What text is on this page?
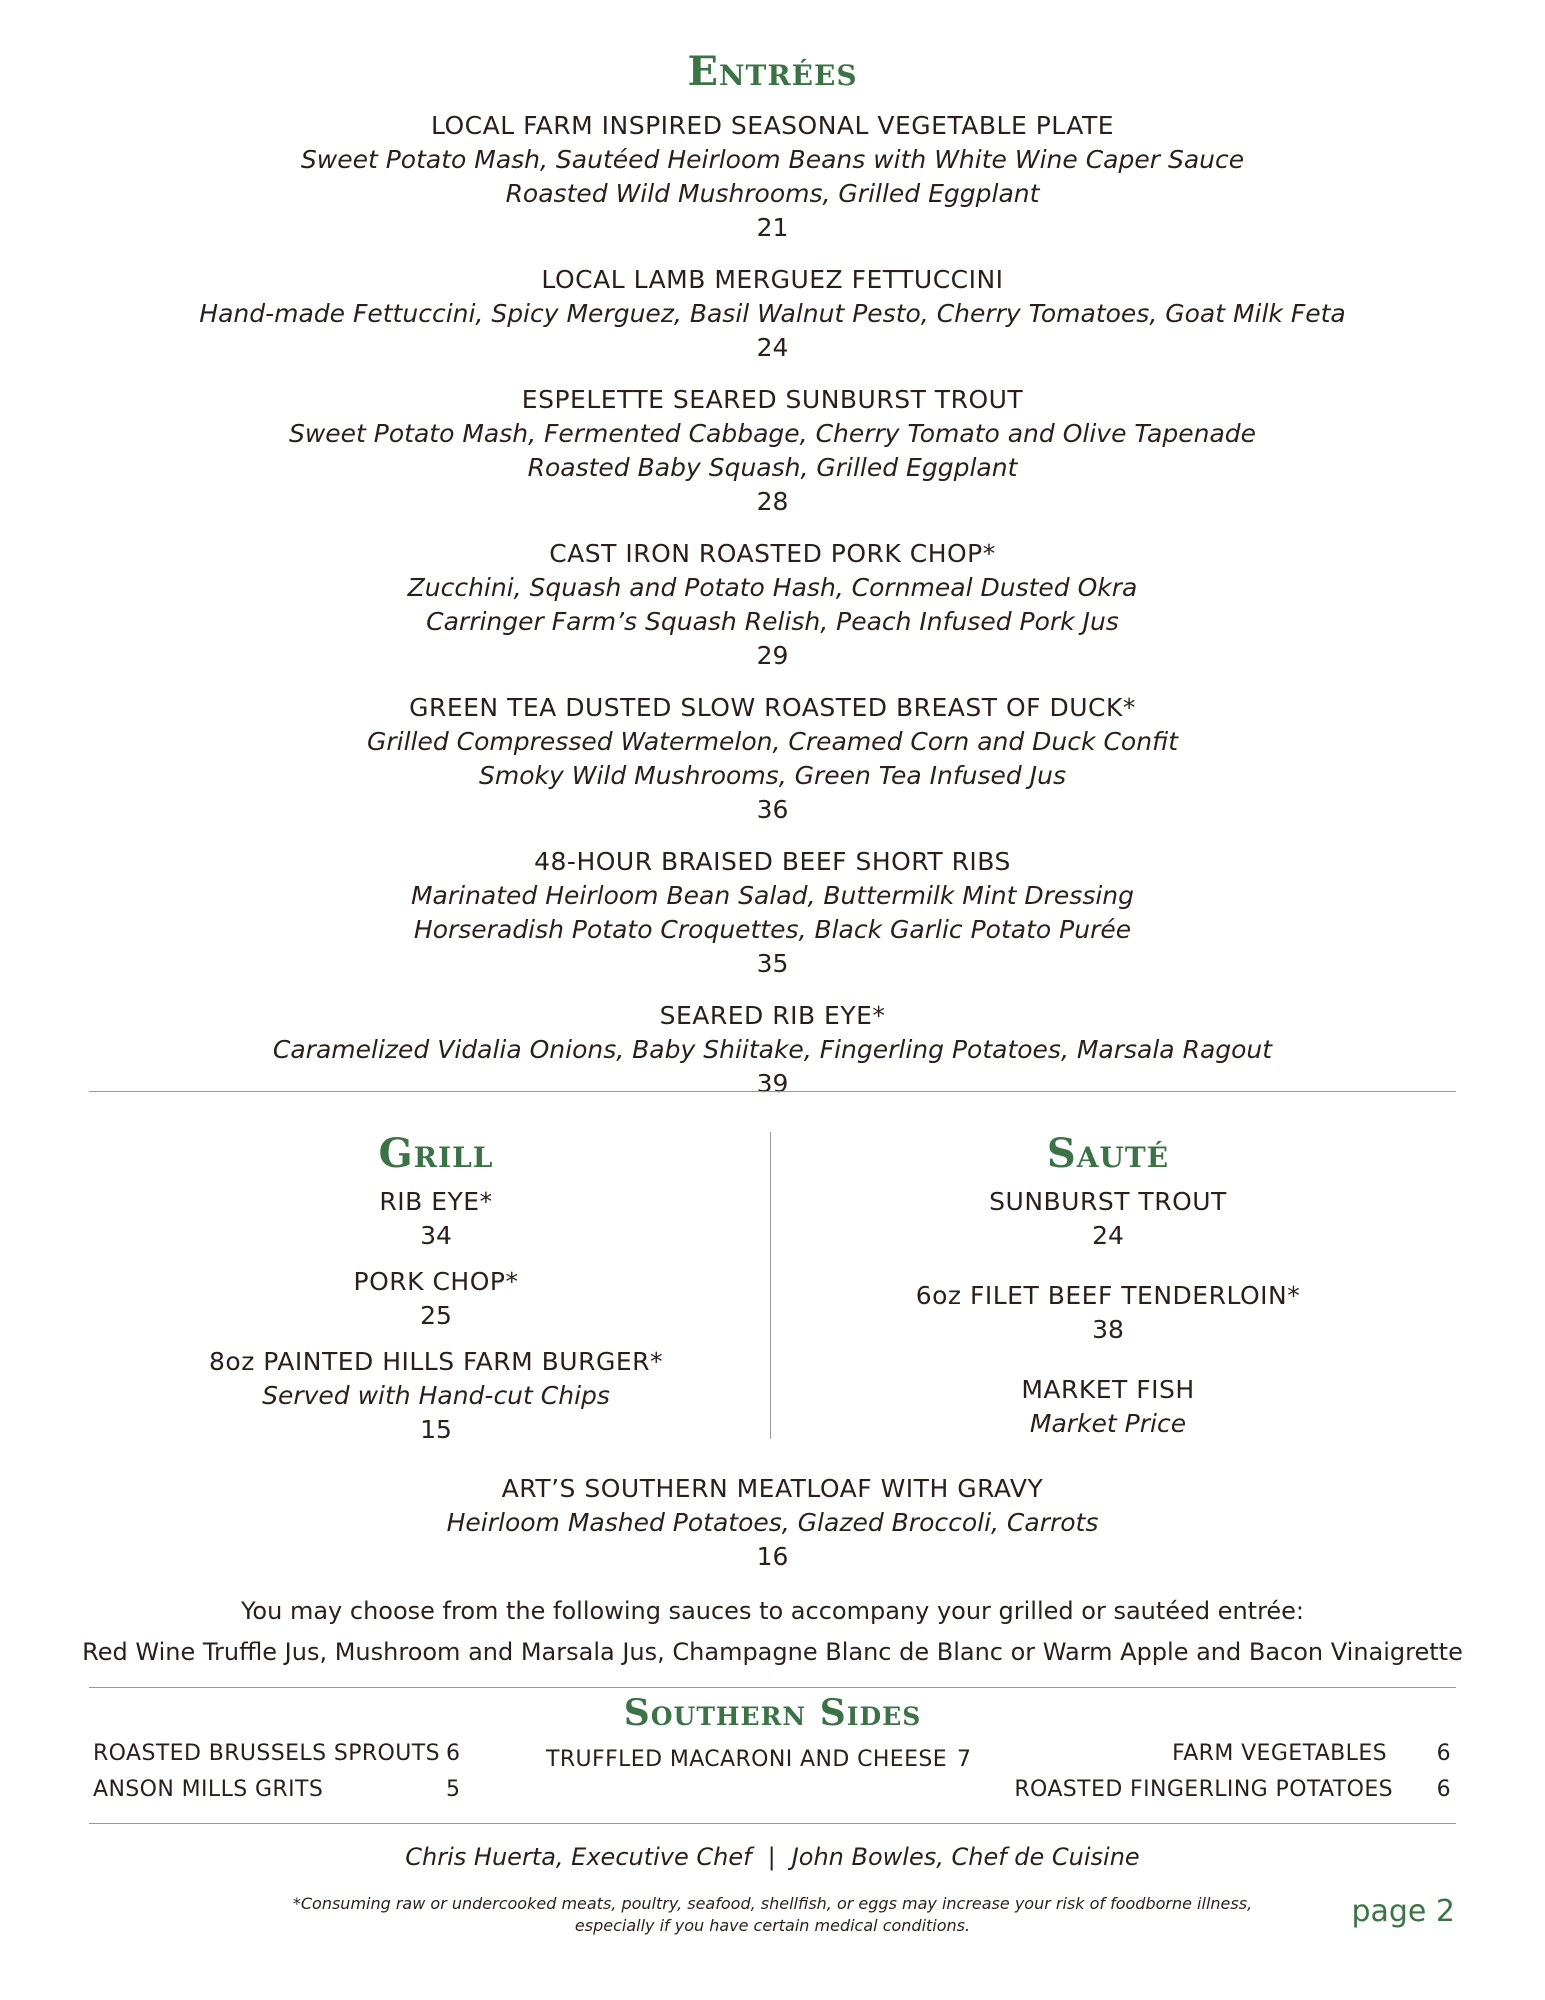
Entrées
LOCAL FARM INSPIRED SEASONAL VEGETABLE PLATE
Sweet Potato Mash, Sautéed Heirloom Beans with White Wine Caper Sauce
Roasted Wild Mushrooms, Grilled Eggplant
21
LOCAL LAMB MERGUEZ FETTUCCINI
Hand-made Fettuccini, Spicy Merguez, Basil Walnut Pesto, Cherry Tomatoes, Goat Milk Feta
24
ESPELETTE SEARED SUNBURST TROUT
Sweet Potato Mash, Fermented Cabbage, Cherry Tomato and Olive Tapenade
Roasted Baby Squash, Grilled Eggplant
28
CAST IRON ROASTED PORK CHOP*
Zucchini, Squash and Potato Hash, Cornmeal Dusted Okra
Carringer Farm’s Squash Relish, Peach Infused Pork Jus
29
GREEN TEA DUSTED SLOW ROASTED BREAST OF DUCK*
Grilled Compressed Watermelon, Creamed Corn and Duck Confit
Smoky Wild Mushrooms, Green Tea Infused Jus
36
48-HOUR BRAISED BEEF SHORT RIBS
Marinated Heirloom Bean Salad, Buttermilk Mint Dressing
Horseradish Potato Croquettes, Black Garlic Potato Purée
35
SEARED RIB EYE*
Caramelized Vidalia Onions, Baby Shiitake, Fingerling Potatoes, Marsala Ragout
39
Grill
RIB EYE*
34
PORK CHOP*
25
8oz PAINTED HILLS FARM BURGER*
Served with Hand-cut Chips
15
Sauté
SUNBURST TROUT
24
6oz FILET BEEF TENDERLOIN*
38
MARKET FISH
Market Price
ART’S SOUTHERN MEATLOAF WITH GRAVY
Heirloom Mashed Potatoes, Glazed Broccoli, Carrots
16
You may choose from the following sauces to accompany your grilled or sautéed entrée:
Red Wine Truffle Jus, Mushroom and Marsala Jus, Champagne Blanc de Blanc or Warm Apple and Bacon Vinaigrette
Southern Sides
ROASTED BRUSSELS SPROUTS 6
ANSON MILLS GRITS	5
TRUFFLED MACARONI AND CHEESE 7	FARM VEGETABLES 6
ROASTED FINGERLING POTATOES 6
Chris Huerta, Executive Chef | John Bowles, Chef de Cuisine
*Consuming raw or undercooked meats, poultry, seafood, shellfish, or eggs may increase your risk of foodborne illness,
especially if you have certain medical conditions.	page 2
